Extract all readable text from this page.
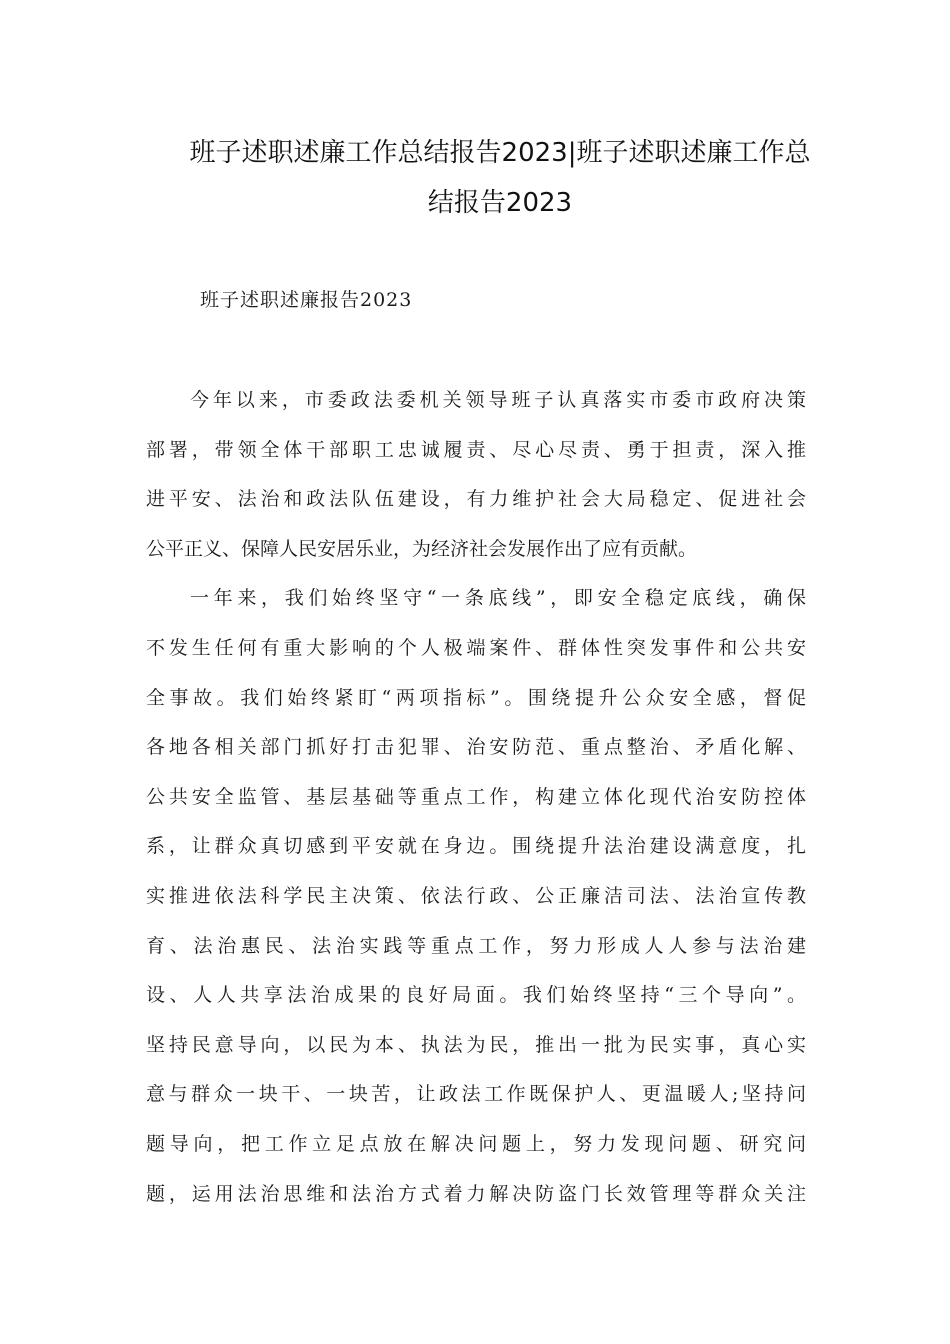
班子述职述廉工作总结报告2023|班子述职述廉工作总
结报告2023

班子述职述廉报告2023

今年以来，市委政法委机关领导班子认真落实市委市政府决策
部署，带领全体干部职工忠诚履责、尽心尽责、勇于担责，深入推
进平安、法治和政法队伍建设，有力维护社会大局稳定、促进社会
公平正义、保障人民安居乐业，为经济社会发展作出了应有贡献。
一年来，我们始终坚守“一条底线”，即安全稳定底线，确保
不发生任何有重大影响的个人极端案件、群体性突发事件和公共安
全事故。我们始终紧盯“两项指标”。围绕提升公众安全感，督促
各地各相关部门抓好打击犯罪、治安防范、重点整治、矛盾化解、
公共安全监管、基层基础等重点工作，构建立体化现代治安防控体
系，让群众真切感到平安就在身边。围绕提升法治建设满意度，扎
实推进依法科学民主决策、依法行政、公正廉洁司法、法治宣传教
育、法治惠民、法治实践等重点工作，努力形成人人参与法治建
设、人人共享法治成果的良好局面。我们始终坚持“三个导向”。
坚持民意导向，以民为本、执法为民，推出一批为民实事，真心实
意与群众一块干、一块苦，让政法工作既保护人、更温暖人;坚持问
题导向，把工作立足点放在解决问题上，努力发现问题、研究问
题，运用法治思维和法治方式着力解决防盗门长效管理等群众关注
